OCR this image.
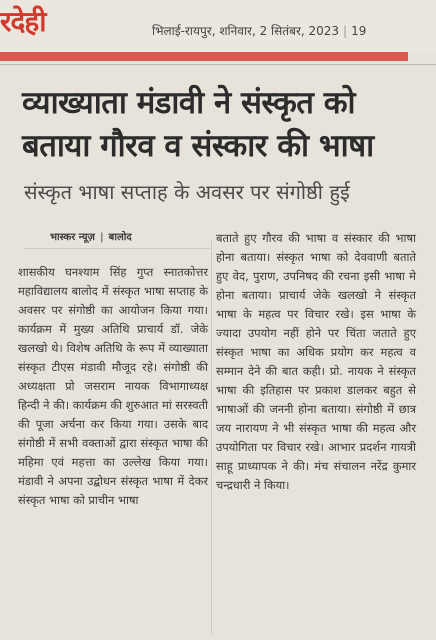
रदेही	भिलाई-रायपुर, शनिवार, 2 सितंबर, 2023 | 19
व्याख्याता मंडावी ने संस्कृत को बताया गौरव व संस्कार की भाषा
संस्कृत भाषा सप्ताह के अवसर पर संगोष्ठी हुई
भास्कर न्यूज़ | बालोद
शासकीय घनश्याम सिंह गुप्त स्नातकोत्तर महाविद्यालय बालोद में संस्कृत भाषा सप्ताह के अवसर पर संगोष्ठी का आयोजन किया गया। कार्यक्रम में मुख्य अतिथि प्राचार्य डॉ. जेके खलखो थे। विशेष अतिथि के रूप में व्याख्याता संस्कृत टीएस मंडावी मौजूद रहे। संगोष्ठी की अध्यक्षता प्रो जसराम नायक विभागाध्यक्ष हिन्दी ने की। कार्यक्रम की शुरुआत मां सरस्वती की पूजा अर्चना कर किया गया। उसके बाद संगोष्ठी में सभी वक्ताओं द्वारा संस्कृत भाषा की महिमा एवं महत्ता का उल्लेख किया गया। मंडावी ने अपना उद्बोधन संस्कृत भाषा में देकर संस्कृत भाषा को प्राचीन भाषा
बताते हुए गौरव की भाषा व संस्कार की भाषा होना बताया। संस्कृत भाषा को देववाणी बताते हुए वेद, पुराण, उपनिषद की रचना इसी भाषा मे होना बताया। प्राचार्य जेके खलखो ने संस्कृत भाषा के महत्व पर विचार रखे। इस भाषा के ज्यादा उपयोग नहीं होने पर चिंता जताते हुए संस्कृत भाषा का अधिक प्रयोग कर महत्व व सम्मान देने की बात कही। प्रो. नायक ने संस्कृत भाषा की इतिहास पर प्रकाश डालकर बहुत से भाषाओं की जननी होना बताया। संगोष्ठी में छात्र जय नारायण ने भी संस्कृत भाषा की महत्व और उपयोगिता पर विचार रखे। आभार प्रदर्शन गायत्री साहू प्राध्यापक ने की। मंच संचालन नरेंद्र कुमार चन्द्रधारी ने किया।
